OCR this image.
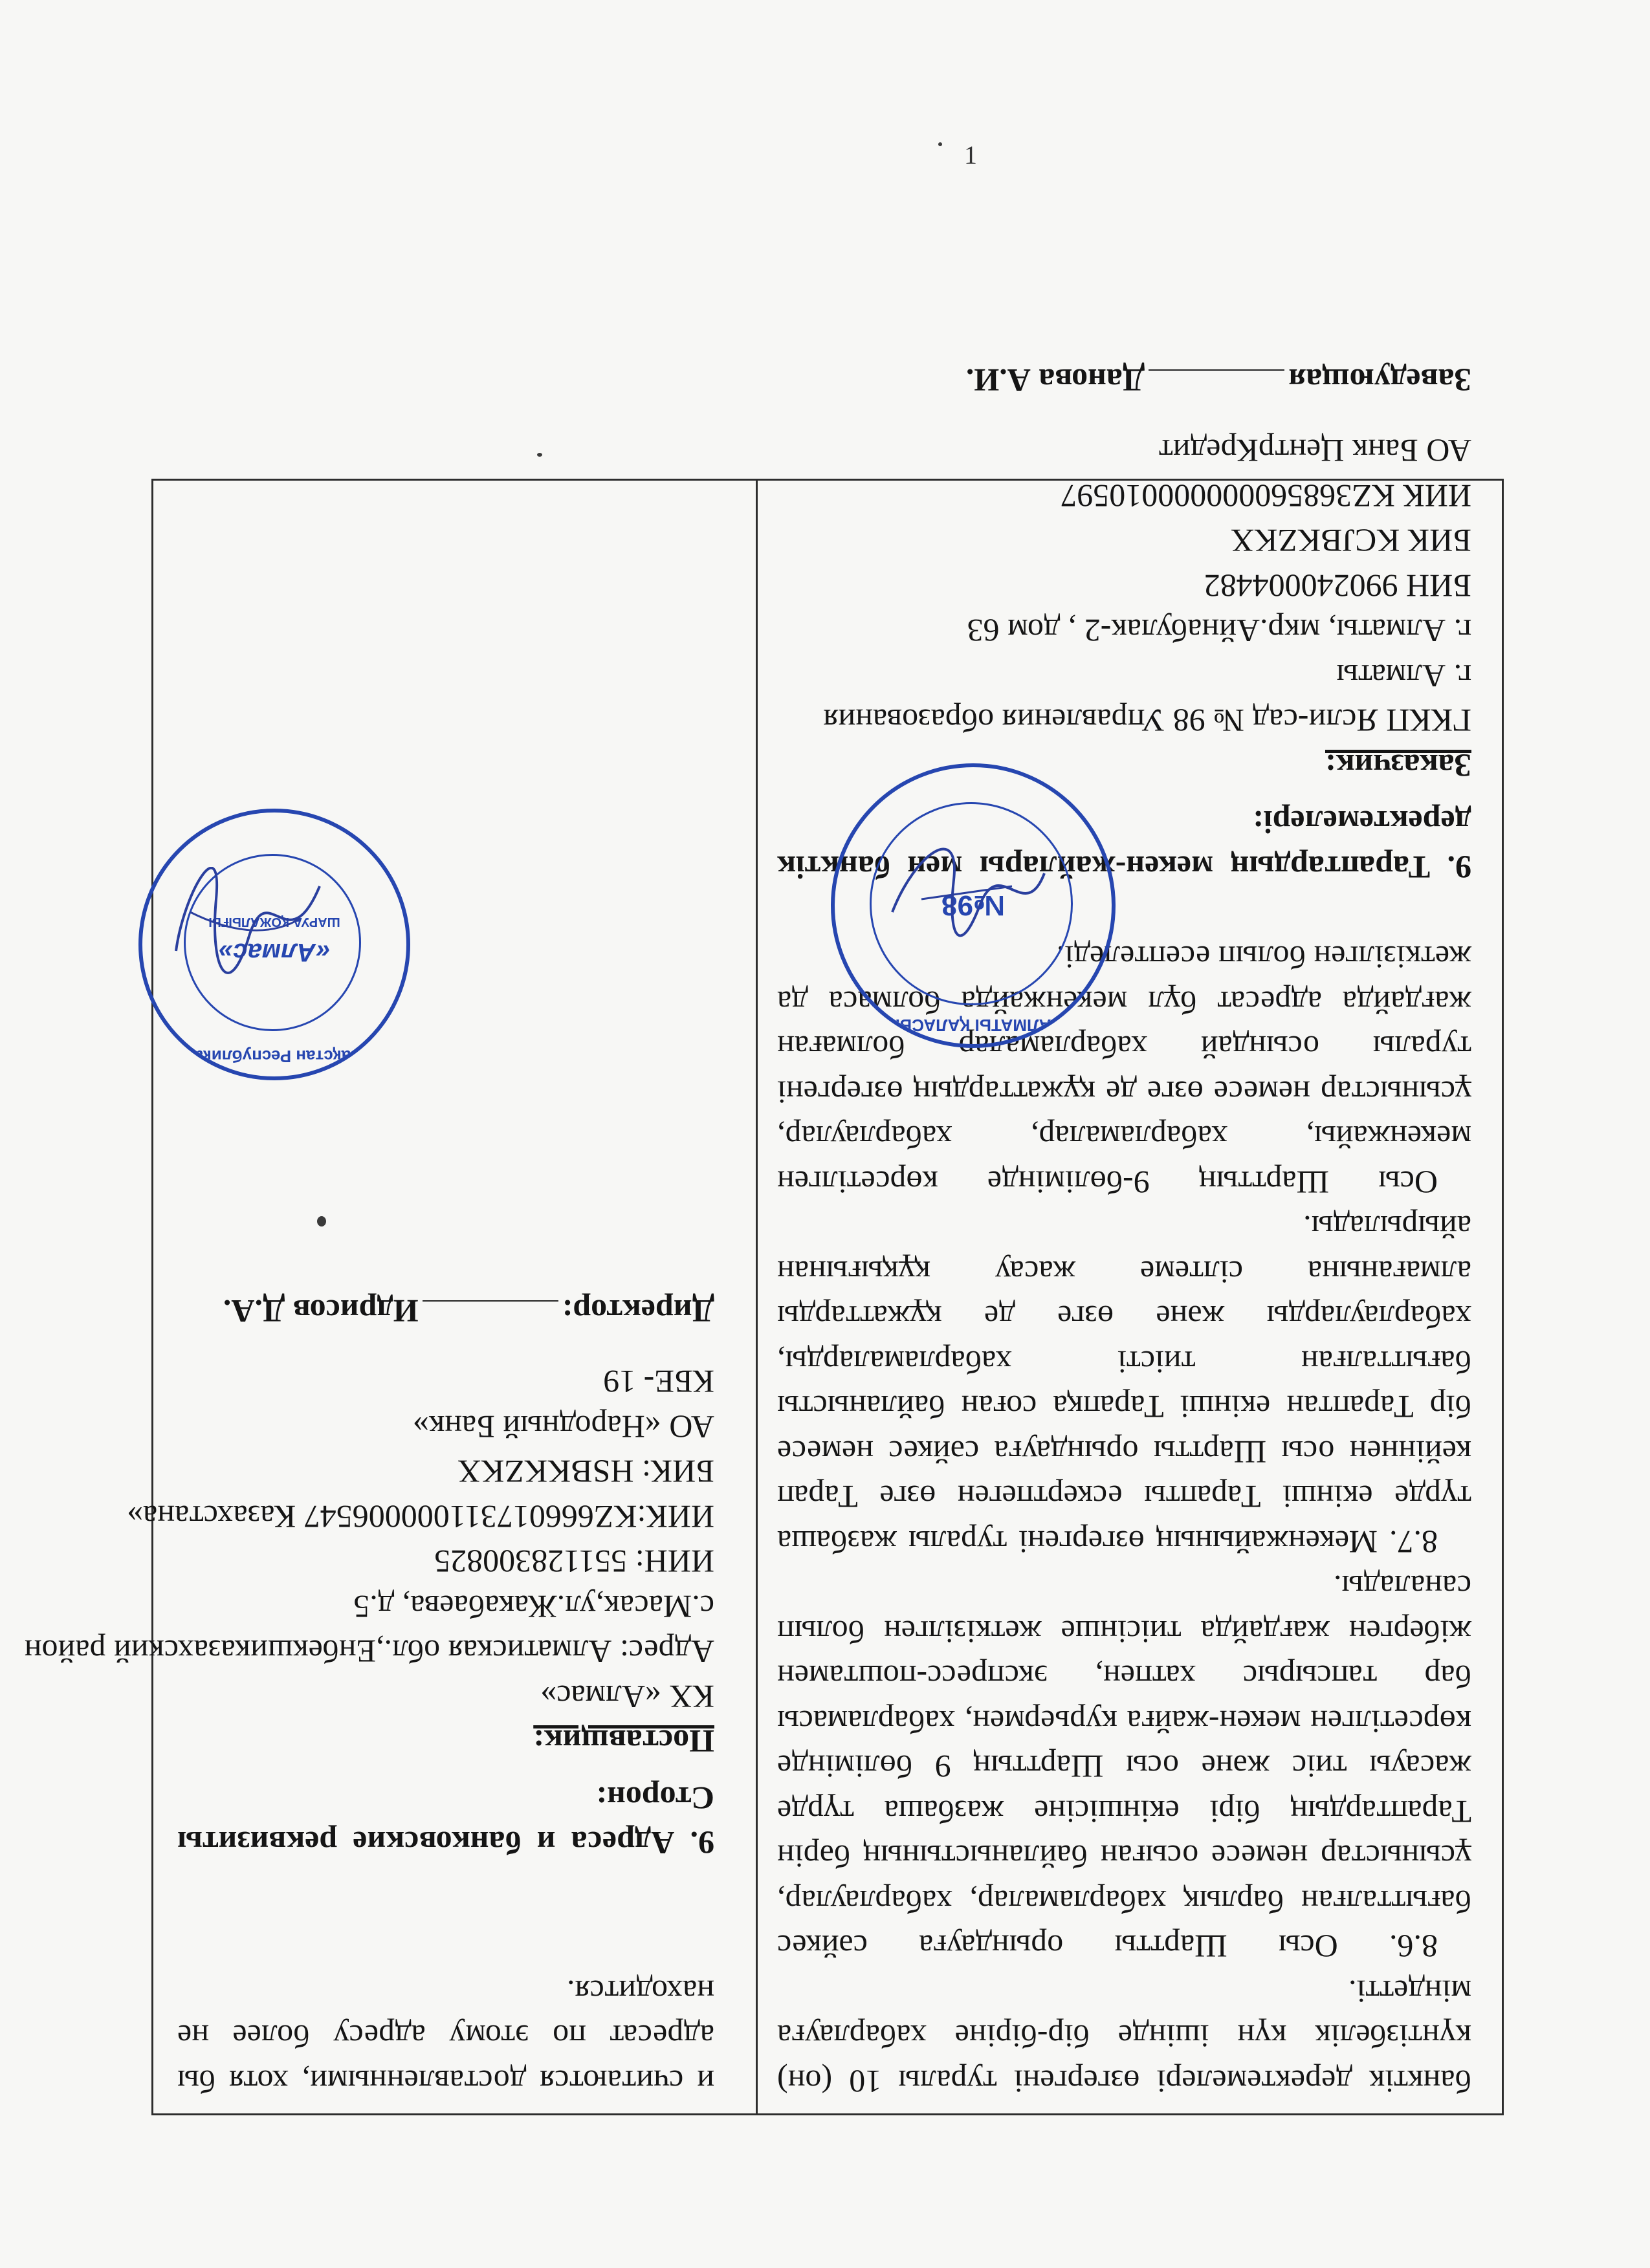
1

банктік деректемелері өзгергені туралы 10 (он) күнтізбелік күн ішінде бір-біріне хабарлауға міндетті.

8.6. Осы Шартты орындауға сәйкес бағытталған барлық хабарламалар, хабарлаулар, ұсыныстар немесе осыған байланыстының бәрін Тараптардың бірі екіншісіне жазбаша түрде жасауы тиіс және осы Шарттың 9 бөлімінде көрсетілген мекен-жайға курьермен, хабарламасы бар тапсырыс хатпен, экспресс-поштамен жіберген жағдайда тиісінше жеткізілген болып саналады.

8.7. Мекенжайының өзгергені туралы жазбаша түрде екінші Тарапты ескертпеген өзге Тарап кейіннен осы Шартты орындауға сәйкес немесе бір Тараптан екінші Тарапқа соған байланысты бағытталған тиісті хабарламаларды, хабарлауларды және өзге де құжаттарды алмағанына сілтеме жасау құқығынан айырылады.

Осы Шарттың 9-бөлімінде көрсетілген мекенжайы, хабарламалар, хабарлаулар, ұсыныстар немесе өзге де құжаттардың өзгергені туралы осындай хабарламалар болмаған жағдайда адресат бұл мекенжайда болмаса да жеткізілген болып есептеледі.

9. Тараптардың мекен-жайлары мен банктік деректемелері:

Заказчик:

ГККП Ясли-сад № 98 Управления образования

г. Алматы

г. Алматы, мкр.Айнабулак-2 , дом 63

БИН 990240004482

БИК KCJBKZKX

ИИК KZ368560000000010597

АО Банк ЦентрКредит

ЗаведующаяДанова А.И.

и считаются доставленными, хотя бы адресат по этому адресу более не находится.

9. Адреса и банковские реквизиты Сторон:

Поставщик:

КХ «Алмас»

Адрес: Алматиская обл.,Енбекшиказахский район

с.Масак,ул.Жакабаева, д.5

ИИН: 551128300825

ИИК:KZ666017311000006547 Казахстана»

БИК: HSBKKZKX

АО «Народный Банк»

КБЕ- 19

Директор:Идрисов Д.А.
АЛМАТЫ ҚАЛАСЫ
№98
Қазақстан Республикасы
«Алмас»
ШАРУА ҚОЖАЛЫҒЫ
